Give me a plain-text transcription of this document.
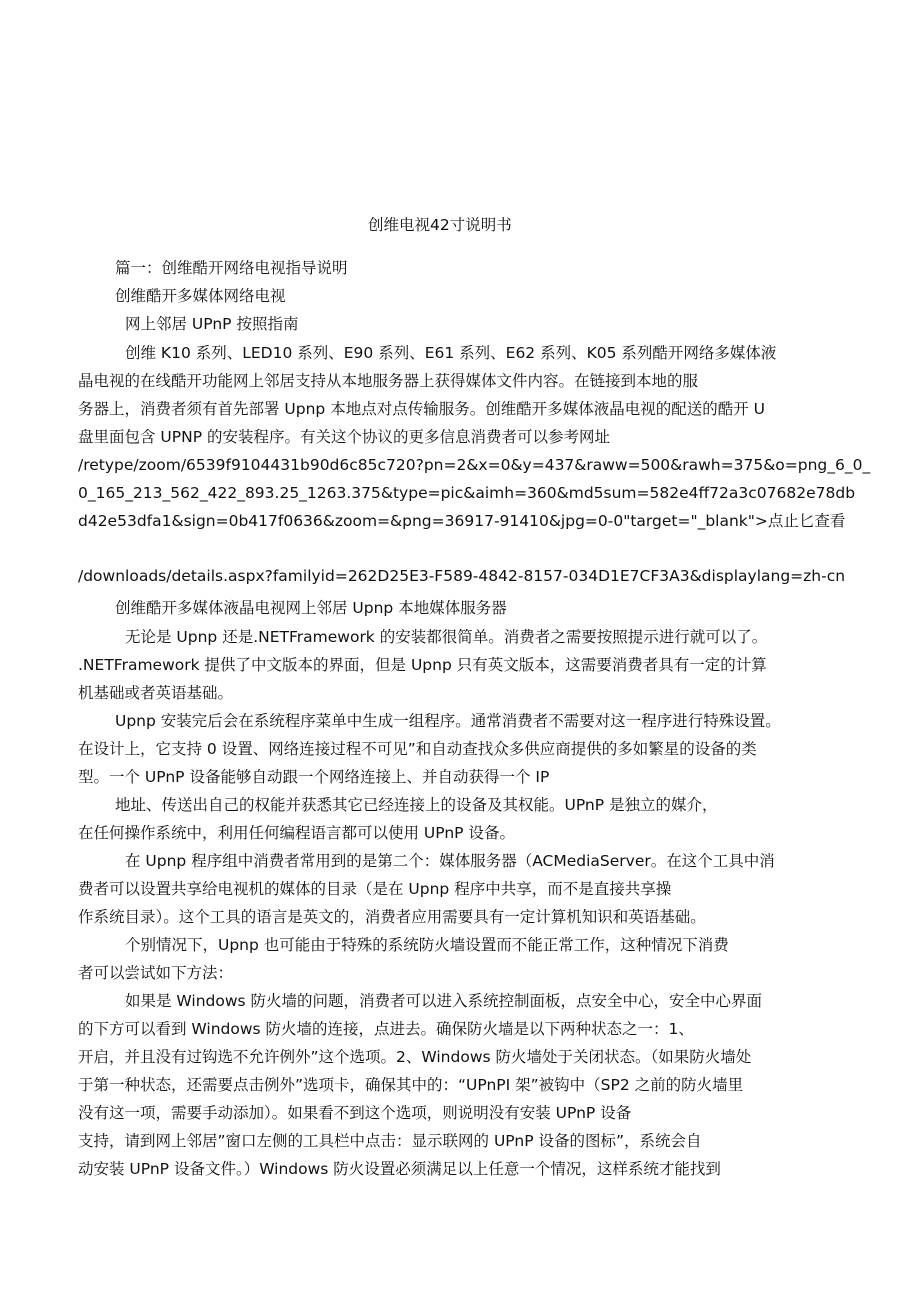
创维电视42寸说明书
篇一：创维酷开网络电视指导说明
创维酷开多媒体网络电视
网上邻居 UPnP 按照指南
创维 K10 系列、LED10 系列、E90 系列、E61 系列、E62 系列、K05 系列酷开网络多媒体液
晶电视的在线酷开功能网上邻居支持从本地服务器上获得媒体文件内容。在链接到本地的服
务器上，消费者须有首先部署 Upnp 本地点对点传输服务。创维酷开多媒体液晶电视的配送的酷开 U
盘里面包含 UPNP 的安装程序。有关这个协议的更多信息消费者可以参考网址
/retype/zoom/6539f9104431b90d6c85c720?pn=2&x=0&y=437&raww=500&rawh=375&o=png_6_0_
0_165_213_562_422_893.25_1263.375&type=pic&aimh=360&md5sum=582e4ff72a3c07682e78db
d42e53dfa1&sign=0b417f0636&zoom=&png=36917-91410&jpg=0-0"target="_blank">点止匕查看
/downloads/details.aspx?familyid=262D25E3-F589-4842-8157-034D1E7CF3A3&displaylang=zh-cn
创维酷开多媒体液晶电视网上邻居 Upnp 本地媒体服务器
无论是 Upnp 还是.NETFramework 的安装都很简单。消费者之需要按照提示进行就可以了。
.NETFramework 提供了中文版本的界面，但是 Upnp 只有英文版本，这需要消费者具有一定的计算
机基础或者英语基础。
Upnp 安装完后会在系统程序菜单中生成一组程序。通常消费者不需要对这一程序进行特殊设置。
在设计上，它支持 0 设置、网络连接过程不可见”和自动查找众多供应商提供的多如繁星的设备的类
型。一个 UPnP 设备能够自动跟一个网络连接上、并自动获得一个 IP
地址、传送出自己的权能并获悉其它已经连接上的设备及其权能。UPnP 是独立的媒介，
在任何操作系统中，利用任何编程语言都可以使用 UPnP 设备。
在 Upnp 程序组中消费者常用到的是第二个：媒体服务器（ACMediaServer。在这个工具中消
费者可以设置共享给电视机的媒体的目录（是在 Upnp 程序中共享，而不是直接共享操
作系统目录）。这个工具的语言是英文的，消费者应用需要具有一定计算机知识和英语基础。
个别情况下，Upnp 也可能由于特殊的系统防火墙设置而不能正常工作，这种情况下消费
者可以尝试如下方法：
如果是 Windows 防火墙的问题，消费者可以进入系统控制面板，点安全中心，安全中心界面
的下方可以看到 Windows 防火墙的连接，点进去。确保防火墙是以下两种状态之一：1、
开启，并且没有过钩选不允许例外”这个选项。2、Windows 防火墙处于关闭状态。（如果防火墙处
于第一种状态，还需要点击例外”选项卡，确保其中的：“UPnPI 架”被钩中（SP2 之前的防火墙里
没有这一项，需要手动添加）。如果看不到这个选项，则说明没有安装 UPnP 设备
支持，请到网上邻居”窗口左侧的工具栏中点击：显示联网的 UPnP 设备的图标”，系统会自
动安装 UPnP 设备文件。）Windows 防火设置必须满足以上任意一个情况，这样系统才能找到
